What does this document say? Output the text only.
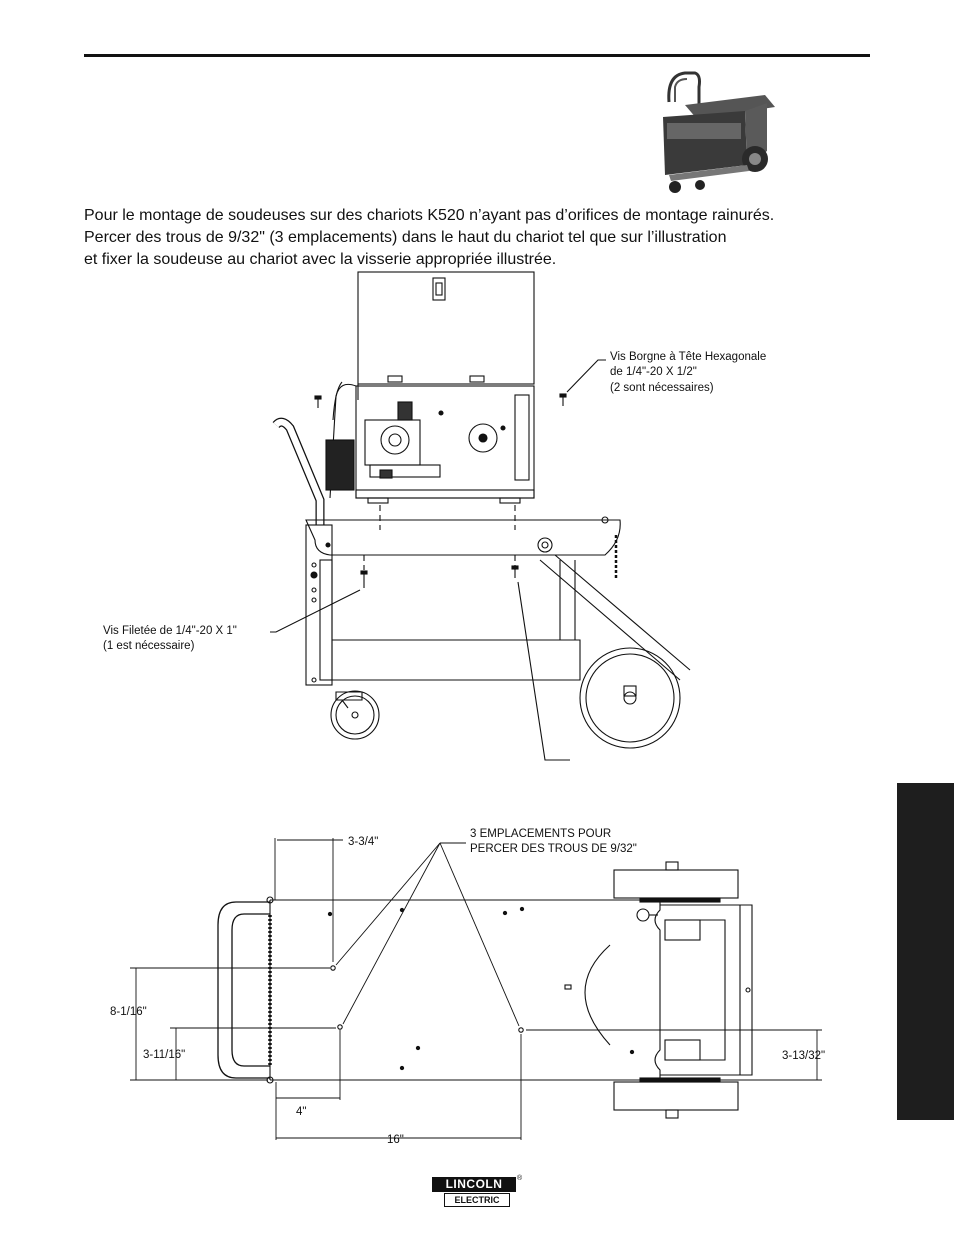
Pour le montage de soudeuses sur des chariots K520 n’ayant pas d’orifices de montage rainurés.

Percer des trous de 9/32" (3 emplacements) dans le haut du chariot tel que sur l’illustration

et fixer la soudeuse au chariot avec la visserie appropriée illustrée.

Vis Borgne à Tête Hexagonale
de 1/4"-20 X 1/2"
(2 sont nécessaires)
Vis Filetée de 1/4"-20 X 1"
(1 est nécessaire)
3 EMPLACEMENTS POUR
PERCER DES TROUS DE 9/32"
3-3/4"
8-1/16"
3-11/16"
4"
16"
3-13/32"
LINCOLN
ELECTRIC
®
